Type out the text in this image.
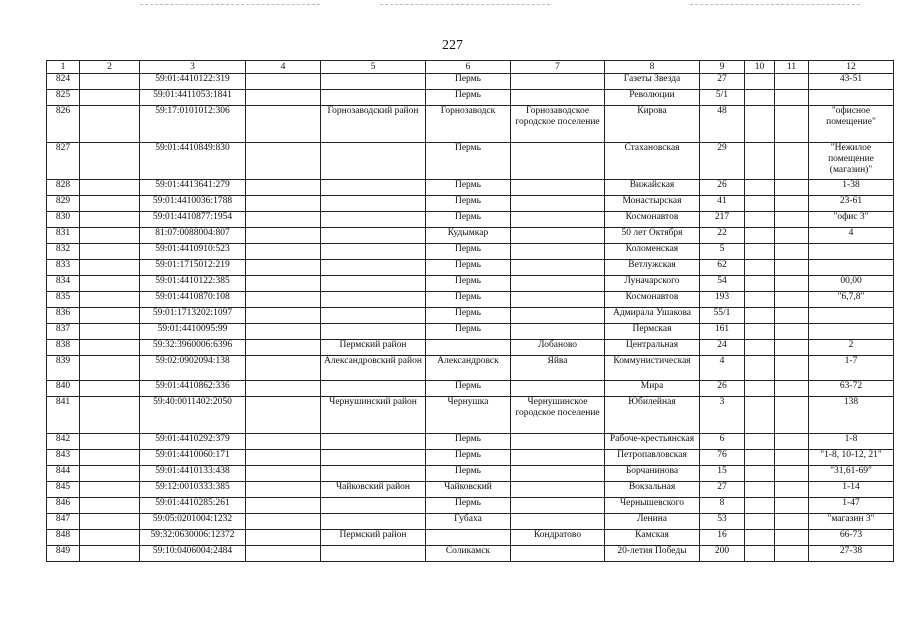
227
1	2	3	4	5	6	7	8	9	10	11	12
824		59:01:4410122:319			Пермь		Газеты Звезда	27			43-51
825		59:01:4411053:1841			Пермь		Революции	5/1			
826		59:17:0101012:306		Горнозаводский район	Горнозаводск	Горнозаводское городское поселение	Кирова	48			"офисное помещение"
827		59:01:4410849:830			Пермь		Стахановская	29			"Нежилое помещение (магазин)"
828		59:01:4413641:279			Пермь		Вижайская	26			1-38
829		59:01:4410036:1788			Пермь		Монастырская	41			23-61
830		59:01:4410877:1954			Пермь		Космонавтов	217			"офис 3"
831		81:07:0088004:807			Кудымкар		50 лет Октября	22			4
832		59:01:4410910:523			Пермь		Коломенская	5			
833		59:01:1715012:219			Пермь		Ветлужская	62			
834		59:01:4410122:385			Пермь		Луначарского	54			00,00
835		59:01:4410870:108			Пермь		Космонавтов	193			"6,7,8"
836		59:01:1713202:1097			Пермь		Адмирала Ушакова	55/1			
837		59:01:4410095:99			Пермь		Пермская	161			
838		59:32:3960006:6396		Пермский район		Лобаново	Центральная	24			2
839		59:02:0902094:138		Александровский район	Александровск	Яйва	Коммунистическая	4			1-7
840		59:01:4410862:336			Пермь		Мира	26			63-72
841		59:40:0011402:2050		Чернушинский район	Чернушка	Чернушинское городское поселение	Юбилейная	3			138
842		59:01:4410292:379			Пермь		Рабоче-крестьянская	6			1-8
843		59:01:4410060:171			Пермь		Петропавловская	76			"1-8, 10-12, 21"
844		59:01:4410133:438			Пермь		Борчанинова	15			"31,61-69"
845		59:12:0010333:385		Чайковский район	Чайковский		Вокзальная	27			1-14
846		59:01:4410285:261			Пермь		Чернышевского	8			1-47
847		59:05:0201004:1232			Губаха		Ленина	53			"магазин 3"
848		59:32:0630006:12372		Пермский район		Кондратово	Камская	16			66-73
849		59:10:0406004:2484			Соликамск		20-летия Победы	200			27-38
